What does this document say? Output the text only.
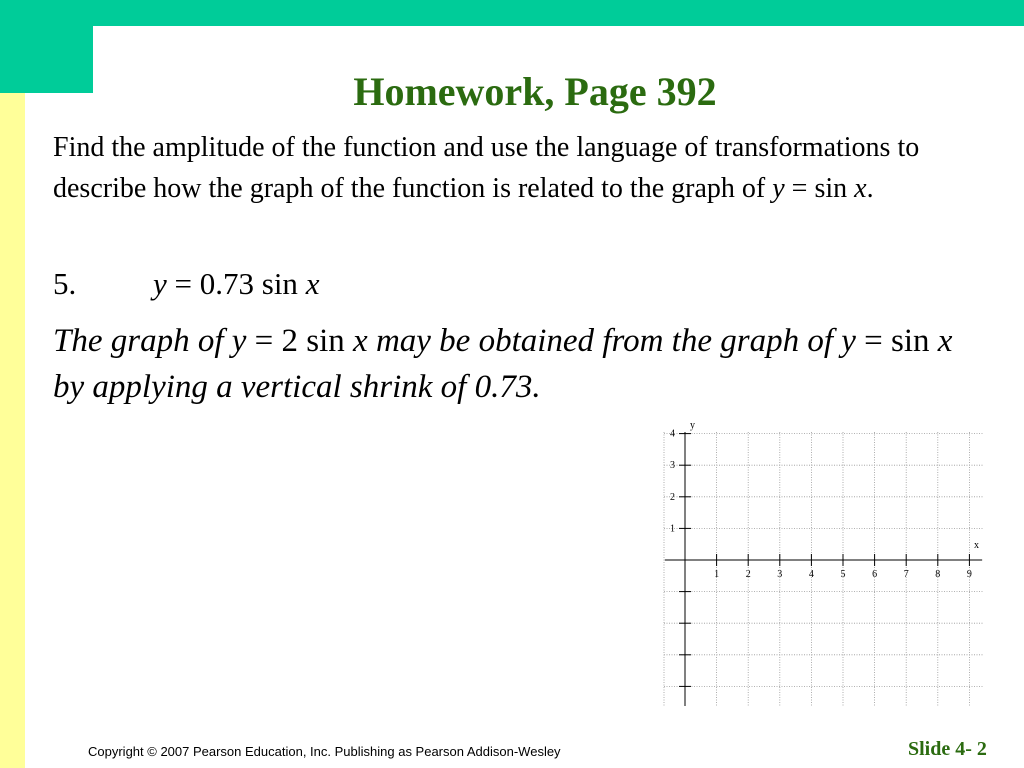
Homework, Page 392
Find the amplitude of the function and use the language of transformations to describe how the graph of the function is related to the graph of y = sin x.
5. y = 0.73 sin x
The graph of y = 2 sin x may be obtained from the graph of y = sin x by applying a vertical shrink of 0.73.
1	2	3	4	5	6	7	8	9
4
3
2
1
y
x
Copyright © 2007 Pearson Education, Inc. Publishing as Pearson Addison-Wesley	Slide 4- 2
